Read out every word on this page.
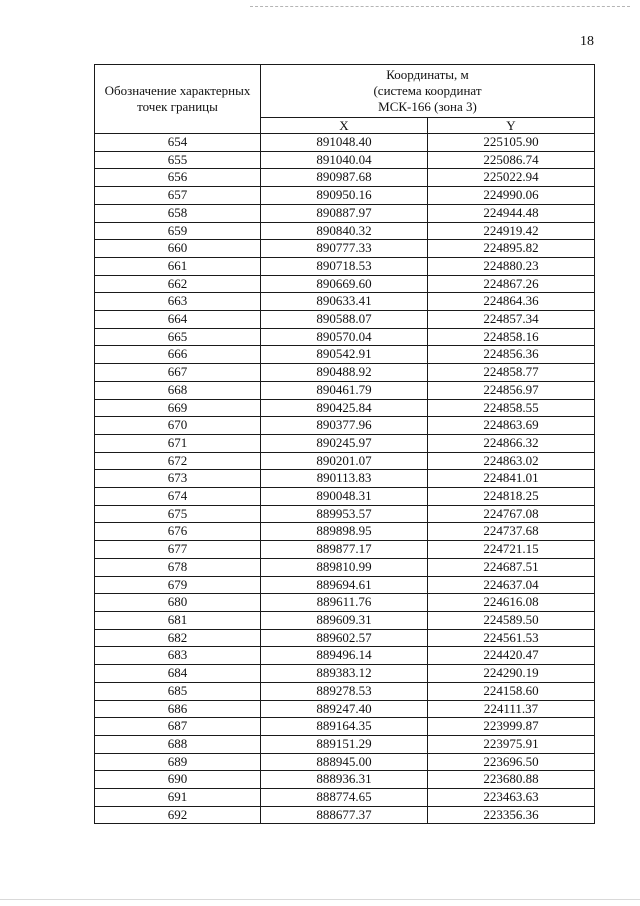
18
Обозначение характерных точек границы	Координаты, м
(система координат
МСК-166 (зона 3)	

	X	Y
654	891048.40	225105.90
655	891040.04	225086.74
656	890987.68	225022.94
657	890950.16	224990.06
658	890887.97	224944.48
659	890840.32	224919.42
660	890777.33	224895.82
661	890718.53	224880.23
662	890669.60	224867.26
663	890633.41	224864.36
664	890588.07	224857.34
665	890570.04	224858.16
666	890542.91	224856.36
667	890488.92	224858.77
668	890461.79	224856.97
669	890425.84	224858.55
670	890377.96	224863.69
671	890245.97	224866.32
672	890201.07	224863.02
673	890113.83	224841.01
674	890048.31	224818.25
675	889953.57	224767.08
676	889898.95	224737.68
677	889877.17	224721.15
678	889810.99	224687.51
679	889694.61	224637.04
680	889611.76	224616.08
681	889609.31	224589.50
682	889602.57	224561.53
683	889496.14	224420.47
684	889383.12	224290.19
685	889278.53	224158.60
686	889247.40	224111.37
687	889164.35	223999.87
688	889151.29	223975.91
689	888945.00	223696.50
690	888936.31	223680.88
691	888774.65	223463.63
692	888677.37	223356.36
